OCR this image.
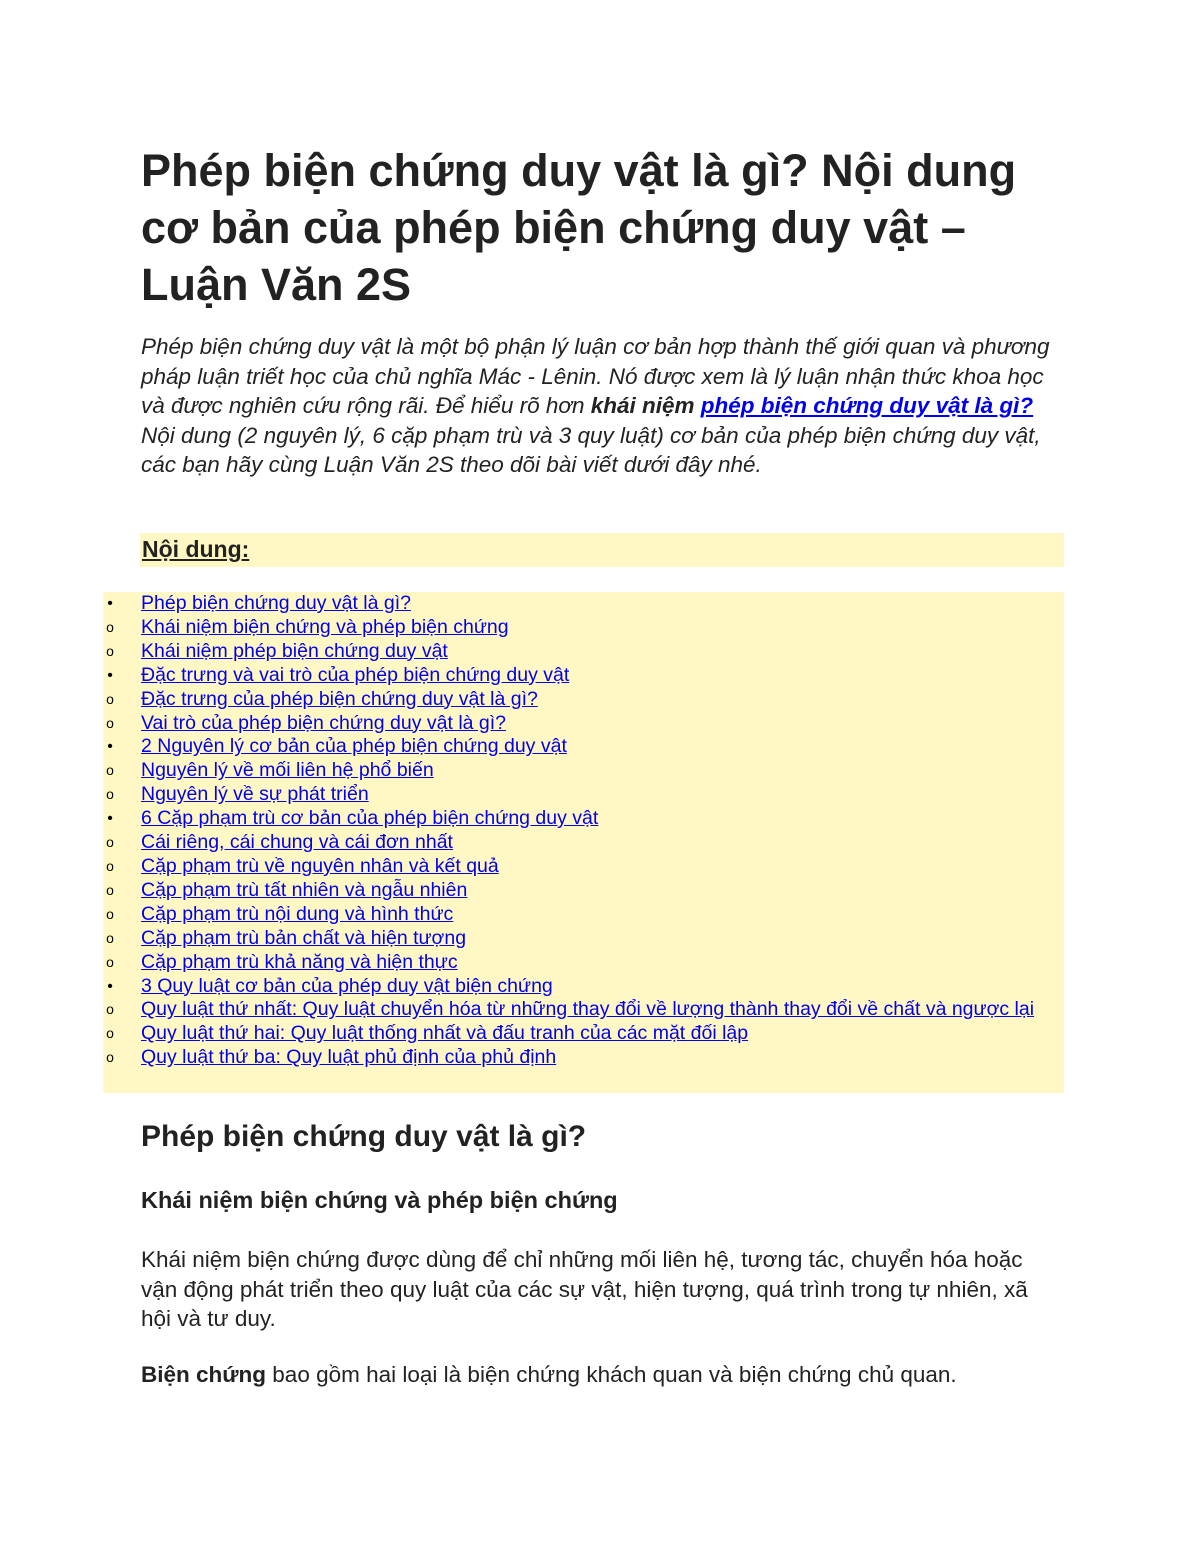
Phép biện chứng duy vật là gì? Nội dung cơ bản của phép biện chứng duy vật – Luận Văn 2S

Phép biện chứng duy vật là một bộ phận lý luận cơ bản hợp thành thế giới quan và phương pháp luận triết học của chủ nghĩa Mác - Lênin. Nó được xem là lý luận nhận thức khoa học và được nghiên cứu rộng rãi. Để hiểu rõ hơn khái niệm phép biện chứng duy vật là gì? Nội dung (2 nguyên lý, 6 cặp phạm trù và 3 quy luật) cơ bản của phép biện chứng duy vật, các bạn hãy cùng Luận Văn 2S theo dõi bài viết dưới đây nhé.

Nội dung:
• Phép biện chứng duy vật là gì?
o Khái niệm biện chứng và phép biện chứng
o Khái niệm phép biện chứng duy vật
• Đặc trưng và vai trò của phép biện chứng duy vật
o Đặc trưng của phép biện chứng duy vật là gì?
o Vai trò của phép biện chứng duy vật là gì?
• 2 Nguyên lý cơ bản của phép biện chứng duy vật
o Nguyên lý về mối liên hệ phổ biến
o Nguyên lý về sự phát triển
• 6 Cặp phạm trù cơ bản của phép biện chứng duy vật
o Cái riêng, cái chung và cái đơn nhất
o Cặp phạm trù về nguyên nhân và kết quả
o Cặp phạm trù tất nhiên và ngẫu nhiên
o Cặp phạm trù nội dung và hình thức
o Cặp phạm trù bản chất và hiện tượng
o Cặp phạm trù khả năng và hiện thực
• 3 Quy luật cơ bản của phép duy vật biện chứng
o Quy luật thứ nhất: Quy luật chuyển hóa từ những thay đổi về lượng thành thay đổi về chất và ngược lại
o Quy luật thứ hai: Quy luật thống nhất và đấu tranh của các mặt đối lập
o Quy luật thứ ba: Quy luật phủ định của phủ định
Phép biện chứng duy vật là gì?
Khái niệm biện chứng và phép biện chứng

Khái niệm biện chứng được dùng để chỉ những mối liên hệ, tương tác, chuyển hóa hoặc vận động phát triển theo quy luật của các sự vật, hiện tượng, quá trình trong tự nhiên, xã hội và tư duy.

Biện chứng bao gồm hai loại là biện chứng khách quan và biện chứng chủ quan.
